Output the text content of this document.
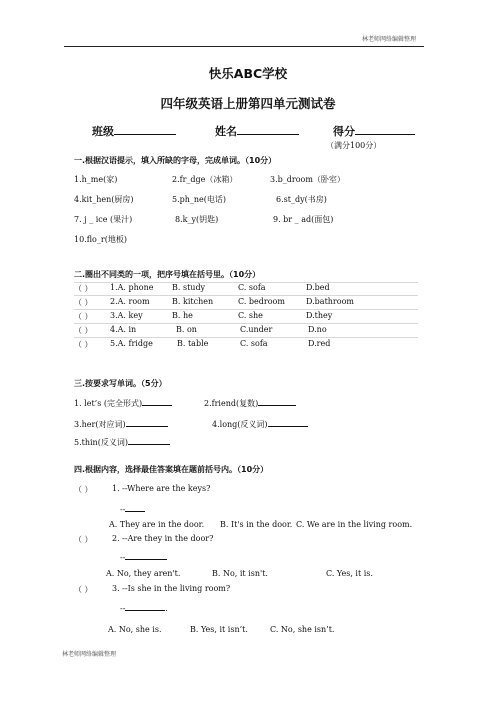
林老师网络编辑整理
快乐ABC学校
四年级英语上册第四单元测试卷
班级	姓名	得分
（满分100分）
一.根据汉语提示，填入所缺的字母，完成单词。（10分）
1.h_me(家)	2.fr_dge（冰箱）	3.b_droom（卧室）
4.kit_hen(厨房)	5.ph_ne(电话)	6.st_dy(书房)
7. j _ ice (果汁)	8.k_y(钥匙)	9. br _ ad(面包)
10.flo_r(地板)
二.圈出不同类的一项，把序号填在括号里。（10分）
（ ） 1.A. phone B. study	C. sofa	D.bed
（ ） 2.A. room	B. kitchen	C. bedroom	D.bathroom
（ ） 3.A. key	B. he	C. she	D.they
（ ） 4.A. in	B. on	C.under	D.no
（ ） 5.A. fridge	B. table	C. sofa	D.red
三.按要求写单词。（5分）
1. let’s (完全形式)	2.friend(复数)
3.her(对应词)	4.long(反义词)
5.thin(反义词)
四.根据内容，选择最佳答案填在题前括号内。（10分）
（ ） 1. --Where are the keys?
--
A. They are in the door. B. It's in the door. C. We are in the living room.
（ ） 2. --Are they in the door?
--
A. No, they aren't.	B. No, it isn't.	C. Yes, it is.
（ ） 3. --Is she in the living room?
--	.
A. No, she is.	B. Yes, it isn’t.	C. No, she isn’t.
林老师网络编辑整理
